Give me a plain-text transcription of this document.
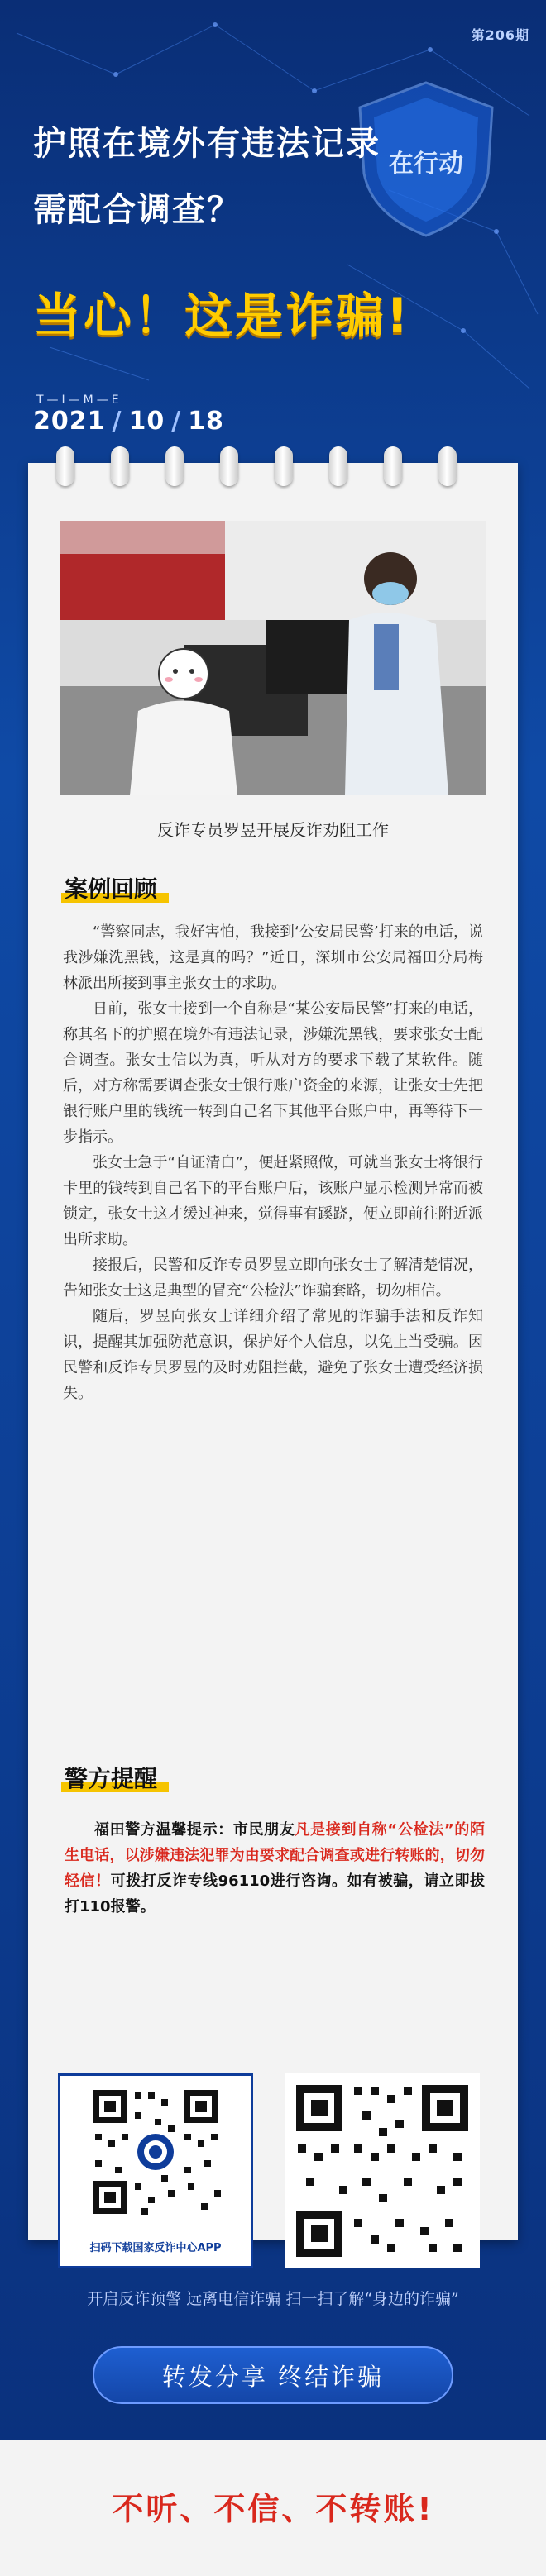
在行动
第206期
护照在境外有违法记录
需配合调查？
当心！这是诈骗!
T—I—M—E
2021 / 10 / 18
反诈专员罗昱开展反诈劝阻工作
案例回顾

“警察同志，我好害怕，我接到‘公安局民警’打来的电话，说我涉嫌洗黑钱，这是真的吗？”近日，深圳市公安局福田分局梅林派出所接到事主张女士的求助。

日前，张女士接到一个自称是“某公安局民警”打来的电话，称其名下的护照在境外有违法记录，涉嫌洗黑钱，要求张女士配合调查。张女士信以为真，听从对方的要求下载了某软件。随后，对方称需要调查张女士银行账户资金的来源，让张女士先把银行账户里的钱统一转到自己名下其他平台账户中，再等待下一步指示。

张女士急于“自证清白”，便赶紧照做，可就当张女士将银行卡里的钱转到自己名下的平台账户后，该账户显示检测异常而被锁定，张女士这才缓过神来，觉得事有蹊跷，便立即前往附近派出所求助。

接报后，民警和反诈专员罗昱立即向张女士了解清楚情况，告知张女士这是典型的冒充“公检法”诈骗套路，切勿相信。

随后，罗昱向张女士详细介绍了常见的诈骗手法和反诈知识，提醒其加强防范意识，保护好个人信息，以免上当受骗。因民警和反诈专员罗昱的及时劝阻拦截，避免了张女士遭受经济损失。

警方提醒
福田警方温馨提示：市民朋友凡是接到自称“公检法”的陌生电话，以涉嫌违法犯罪为由要求配合调查或进行转账的，切勿轻信！可拨打反诈专线96110进行咨询。如有被骗，请立即拔打110报警。
扫码下载国家反诈中心APP
开启反诈预警 远离电信诈骗 扫一扫了解“身边的诈骗”
转发分享 终结诈骗
不听、不信、不转账!
